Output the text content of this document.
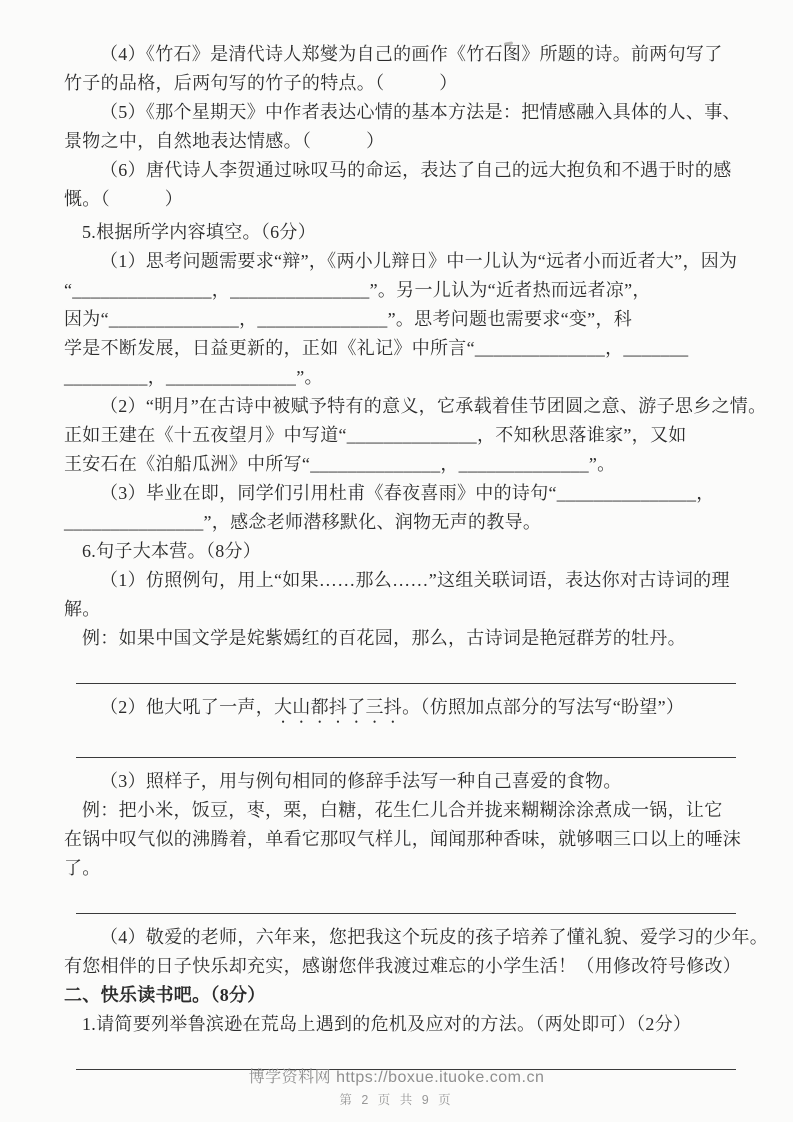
（4）《竹石》是清代诗人郑燮为自己的画作《竹石图》所题的诗。前两句写了
竹子的品格，后两句写的竹子的特点。（　　　）
（5）《那个星期天》中作者表达心情的基本方法是：把情感融入具体的人、事、
景物之中，自然地表达情感。（　　　）
（6）唐代诗人李贺通过咏叹马的命运，表达了自己的远大抱负和不遇于时的感
慨。（　　　）
5.根据所学内容填空。（6分）
（1）思考问题需要求“辩”，《两小儿辩日》中一儿认为“远者小而近者大”，因为
“_______________，_______________”。另一儿认为“近者热而远者凉”，
因为“______________，______________”。思考问题也需要求“变”，科
学是不断发展，日益更新的，正如《礼记》中所言“______________，_______
_________，______________”。
（2）“明月”在古诗中被赋予特有的意义，它承载着佳节团圆之意、游子思乡之情。
正如王建在《十五夜望月》中写道“______________，不知秋思落谁家”，又如
王安石在《泊船瓜洲》中所写“______________，______________”。
（3）毕业在即，同学们引用杜甫《春夜喜雨》中的诗句“_______________，
_______________”，感念老师潜移默化、润物无声的教导。
6.句子大本营。（8分）
（1）仿照例句，用上“如果……那么……”这组关联词语，表达你对古诗词的理
解。
例：如果中国文学是姹紫嫣红的百花园，那么，古诗词是艳冠群芳的牡丹。
（2）他大吼了一声，大山都抖了三抖。（仿照加点部分的写法写“盼望”）
（3）照样子，用与例句相同的修辞手法写一种自己喜爱的食物。
例：把小米，饭豆，枣，栗，白糖，花生仁儿合并拢来糊糊涂涂煮成一锅，让它
在锅中叹气似的沸腾着，单看它那叹气样儿，闻闻那种香味，就够咽三口以上的唾沫
了。
（4）敬爱的老师，六年来，您把我这个玩皮的孩子培养了懂礼貌、爱学习的少年。
有您相伴的日子快乐却充实，感谢您伴我渡过难忘的小学生活！（用修改符号修改）
二、快乐读书吧。（8分）
1.请简要列举鲁滨逊在荒岛上遇到的危机及应对的方法。（两处即可）（2分）
博学资料网 https://boxue.ituoke.com.cn
第 2 页 共 9 页
